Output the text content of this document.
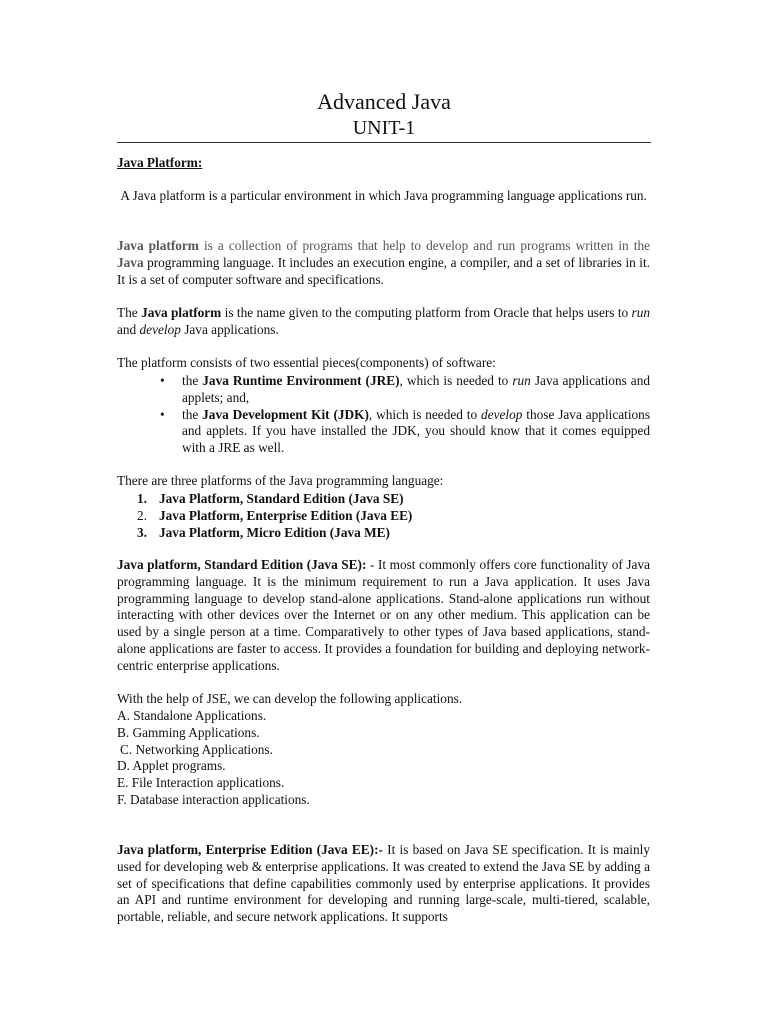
Advanced Java
UNIT-1
Java Platform:

A Java platform is a particular environment in which Java programming language applications run.

Java platform is a collection of programs that help to develop and run programs written in the Java programming language. It includes an execution engine, a compiler, and a set of libraries in it. It is a set of computer software and specifications.

The Java platform is the name given to the computing platform from Oracle that helps users to run and develop Java applications.

The platform consists of two essential pieces(components) of software:

• the Java Runtime Environment (JRE), which is needed to run Java applications and applets; and,
• the Java Development Kit (JDK), which is needed to develop those Java applications and applets. If you have installed the JDK, you should know that it comes equipped with a JRE as well.

There are three platforms of the Java programming language:

1. Java Platform, Standard Edition (Java SE)
2. Java Platform, Enterprise Edition (Java EE)
3. Java Platform, Micro Edition (Java ME)

Java platform, Standard Edition (Java SE): - It most commonly offers core functionality of Java programming language. It is the minimum requirement to run a Java application. It uses Java programming language to develop stand-alone applications. Stand-alone applications run without interacting with other devices over the Internet or on any other medium. This application can be used by a single person at a time. Comparatively to other types of Java based applications, stand-alone applications are faster to access. It provides a foundation for building and deploying network-centric enterprise applications.

With the help of JSE, we can develop the following applications.

A. Standalone Applications.
B. Gamming Applications.
C. Networking Applications.
D. Applet programs.
E. File Interaction applications.
F. Database interaction applications.

Java platform, Enterprise Edition (Java EE):- It is based on Java SE specification. It is mainly used for developing web & enterprise applications. It was created to extend the Java SE by adding a set of specifications that define capabilities commonly used by enterprise applications. It provides an API and runtime environment for developing and running large-scale, multi-tiered, scalable, portable, reliable, and secure network applications. It supports
